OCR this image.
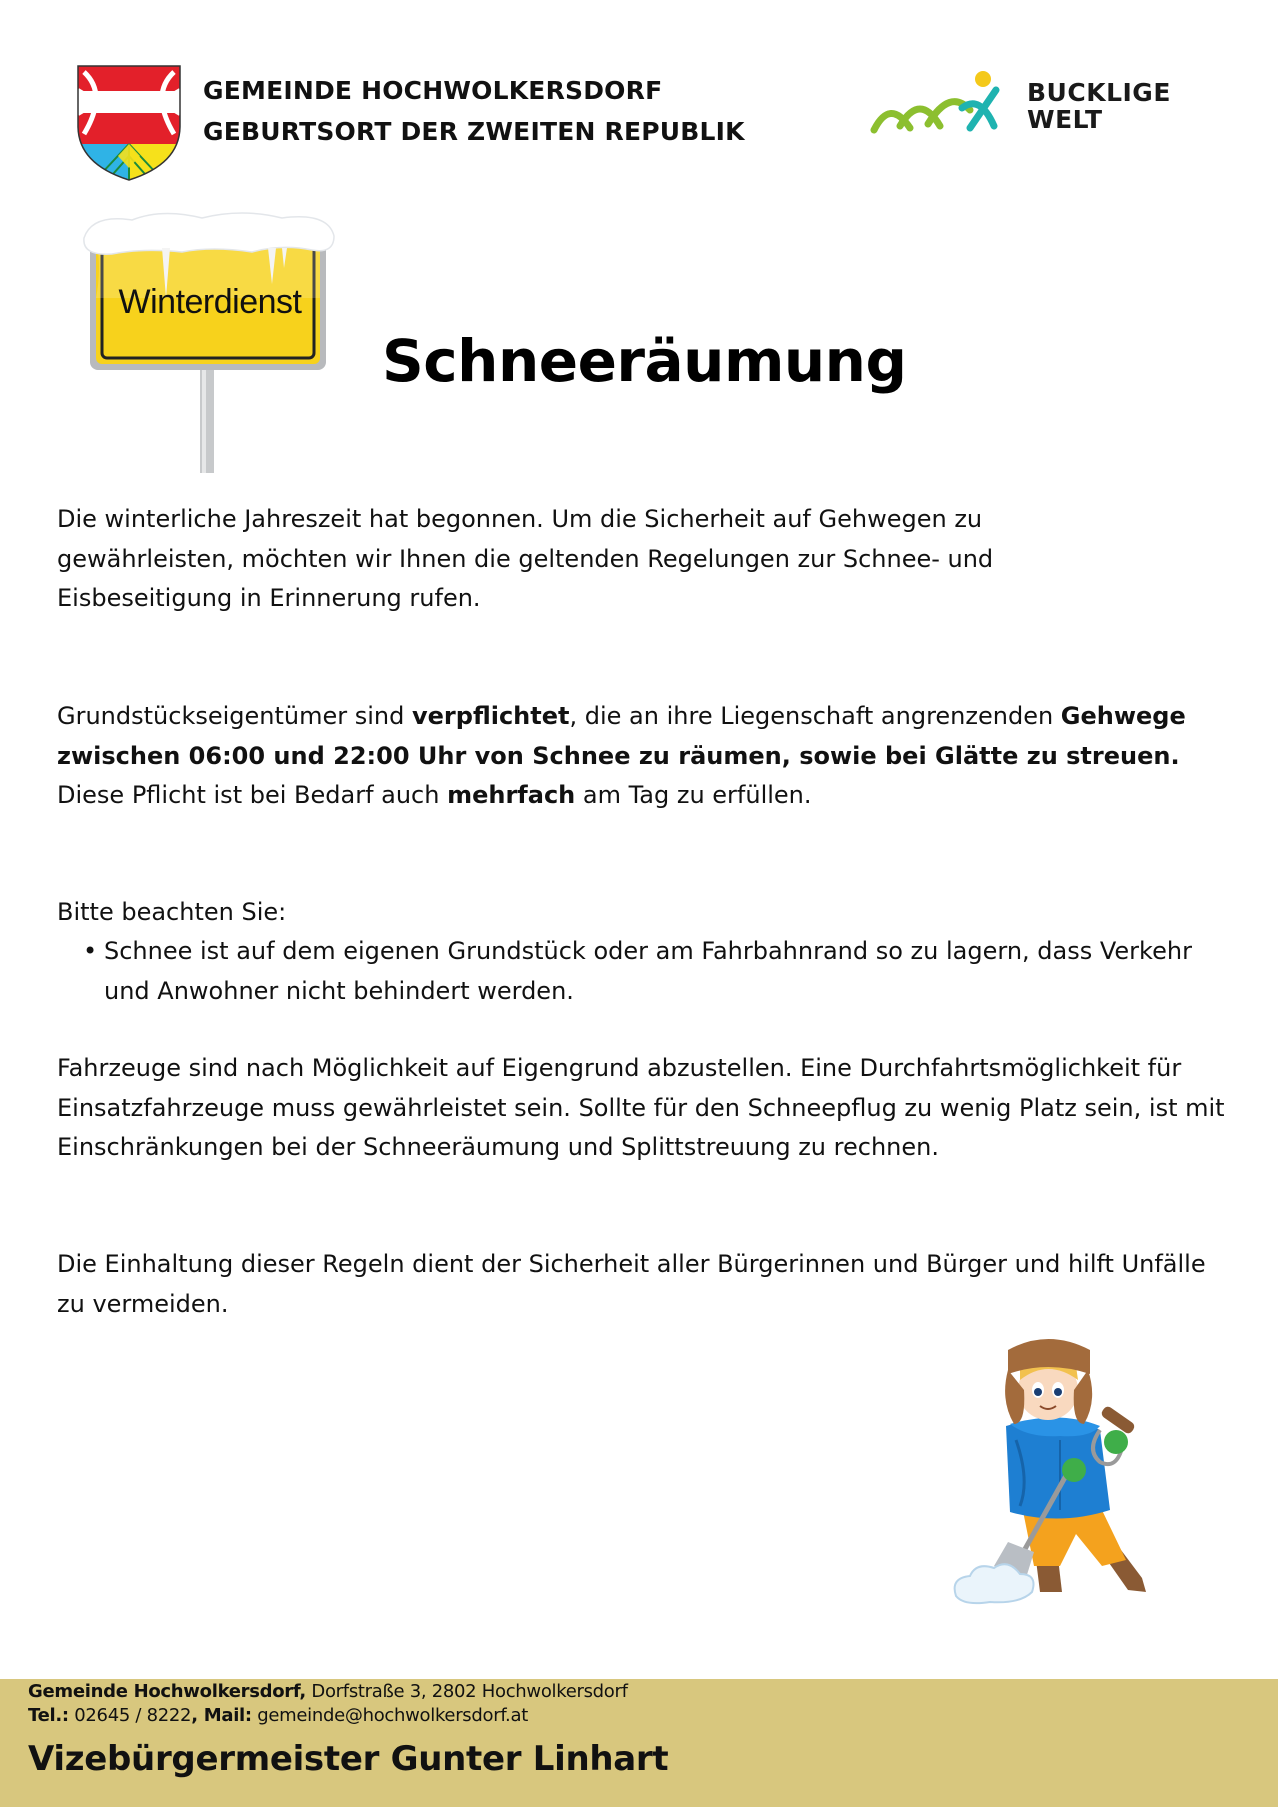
GEMEINDE HOCHWOLKERSDORF
GEBURTSORT DER ZWEITEN REPUBLIK
BUCKLIGE
WELT
Winterdienst
Schneeräumung

Die winterliche Jahreszeit hat begonnen. Um die Sicherheit auf Gehwegen zu gewährleisten, möchten wir Ihnen die geltenden Regelungen zur Schnee- und Eisbeseitigung in Erinnerung rufen.

Grundstückseigentümer sind verpflichtet, die an ihre Liegenschaft angrenzenden Gehwege zwischen 06:00 und 22:00 Uhr von Schnee zu räumen, sowie bei Glätte zu streuen.
Diese Pflicht ist bei Bedarf auch mehrfach am Tag zu erfüllen.

Bitte beachten Sie:

• Schnee ist auf dem eigenen Grundstück oder am Fahrbahnrand so zu lagern, dass Verkehr und Anwohner nicht behindert werden.

Fahrzeuge sind nach Möglichkeit auf Eigengrund abzustellen. Eine Durchfahrtsmöglichkeit für Einsatzfahrzeuge muss gewährleistet sein. Sollte für den Schneepflug zu wenig Platz sein, ist mit Einschränkungen bei der Schneeräumung und Splittstreuung zu rechnen.

Die Einhaltung dieser Regeln dient der Sicherheit aller Bürgerinnen und Bürger und hilft Unfälle zu vermeiden.

Gemeinde Hochwolkersdorf, Dorfstraße 3, 2802 Hochwolkersdorf
Tel.: 02645 / 8222, Mail: gemeinde@hochwolkersdorf.at
Vizebürgermeister Gunter Linhart
